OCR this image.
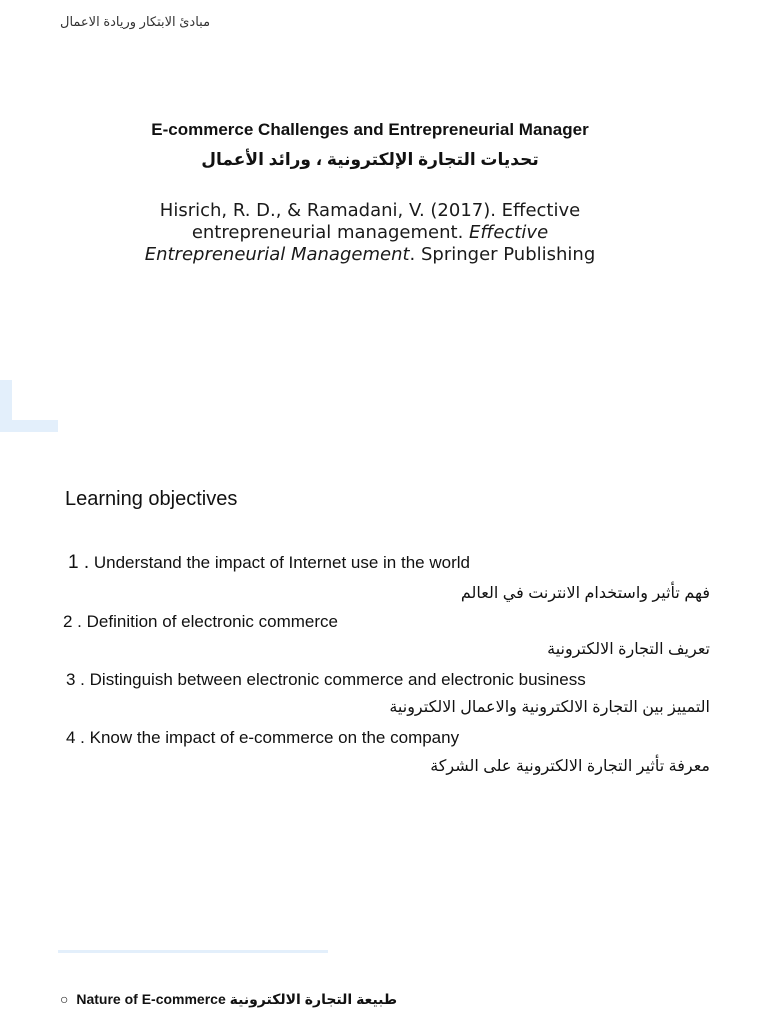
مبادئ الابتكار وريادة الاعمال
E-commerce Challenges and Entrepreneurial Manager
تحديات التجارة الإلكترونية ، ورائد الأعمال
Hisrich, R. D., & Ramadani, V. (2017). Effective entrepreneurial management. Effective Entrepreneurial Management. Springer Publishing
Learning objectives
1 . Understand the impact of Internet use in the world
فهم تأثير واستخدام الانترنت في العالم
2 . Definition of electronic commerce
تعريف التجارة الالكترونية
3 . Distinguish between electronic commerce and electronic business
التمييز بين التجارة الالكترونية والاعمال الالكترونية
4 . Know the impact of e-commerce on the company
معرفة تأثير التجارة الالكترونية على الشركة
○ Nature of E-commerce طبيعة التجارة الالكترونية
